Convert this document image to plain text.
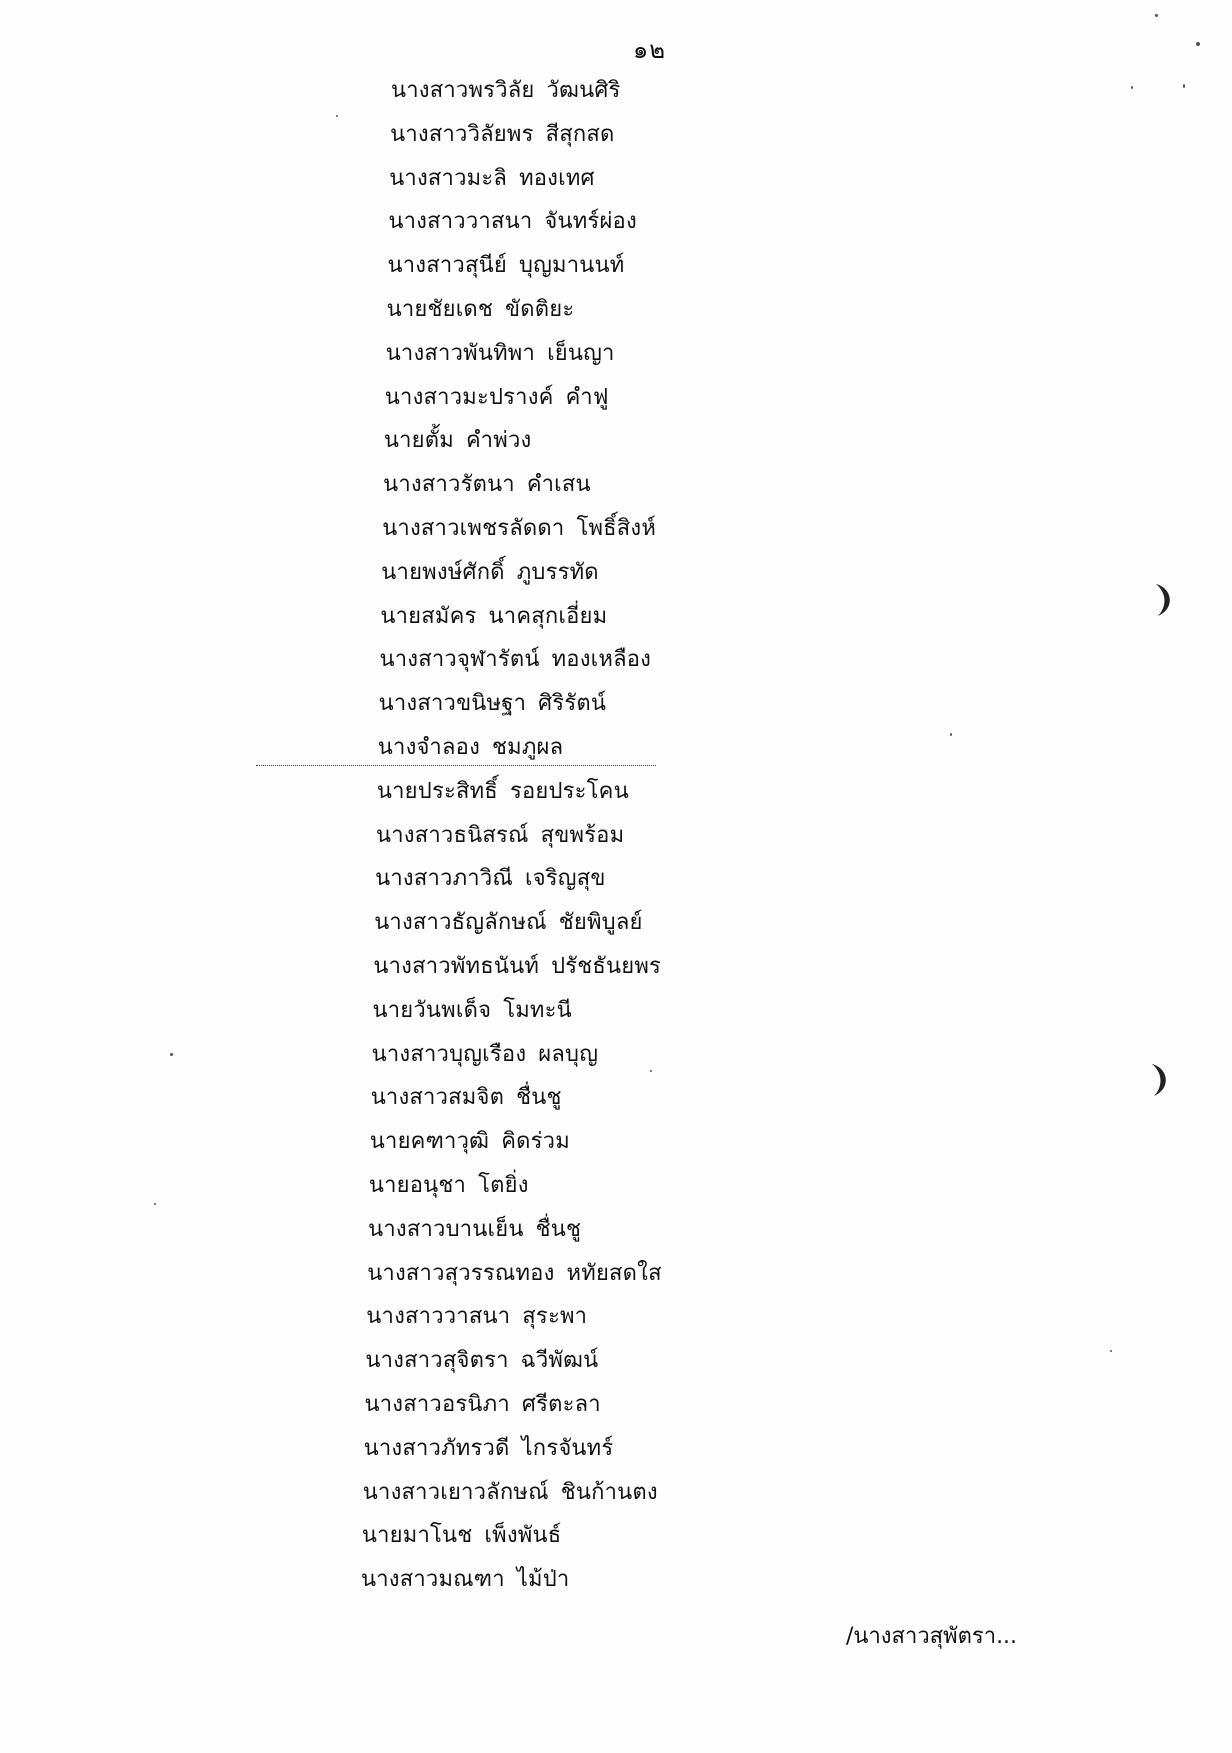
๑๒
นางสาวพรวิลัย วัฒนศิริ
นางสาววิลัยพร สีสุกสด
นางสาวมะลิ ทองเทศ
นางสาววาสนา จันทร์ผ่อง
นางสาวสุนีย์ บุญมานนท์
นายชัยเดช ขัดติยะ
นางสาวพันทิพา เย็นญา
นางสาวมะปรางค์ คำฟู
นายตั้ม คำพ่วง
นางสาวรัตนา คำเสน
นางสาวเพชรลัดดา โพธิ์สิงห์
นายพงษ์ศักดิ์ ภูบรรทัด
นายสมัคร นาคสุกเอี่ยม
นางสาวจุฬารัตน์ ทองเหลือง
นางสาวขนิษฐา ศิริรัตน์
นางจำลอง ชมภูผล
นายประสิทธิ์ รอยประโคน
นางสาวธนิสรณ์ สุขพร้อม
นางสาวภาวิณี เจริญสุข
นางสาวธัญลักษณ์ ชัยพิบูลย์
นางสาวพัทธนันท์ ปรัชธันยพร
นายวันพเด็จ โมทะนี
นางสาวบุญเรือง ผลบุญ
นางสาวสมจิต ชื่นชู
นายคฑาวุฒิ คิดร่วม
นายอนุชา โตยิ่ง
นางสาวบานเย็น ชื่นชู
นางสาวสุวรรณทอง หทัยสดใส
นางสาววาสนา สุระพา
นางสาวสุจิตรา ฉวีพัฒน์
นางสาวอรนิภา ศรีตะลา
นางสาวภัทรวดี ไกรจันทร์
นางสาวเยาวลักษณ์ ชินก้านตง
นายมาโนช เพ็งพันธ์
นางสาวมณฑา ไม้ป่า
/นางสาวสุพัตรา...
